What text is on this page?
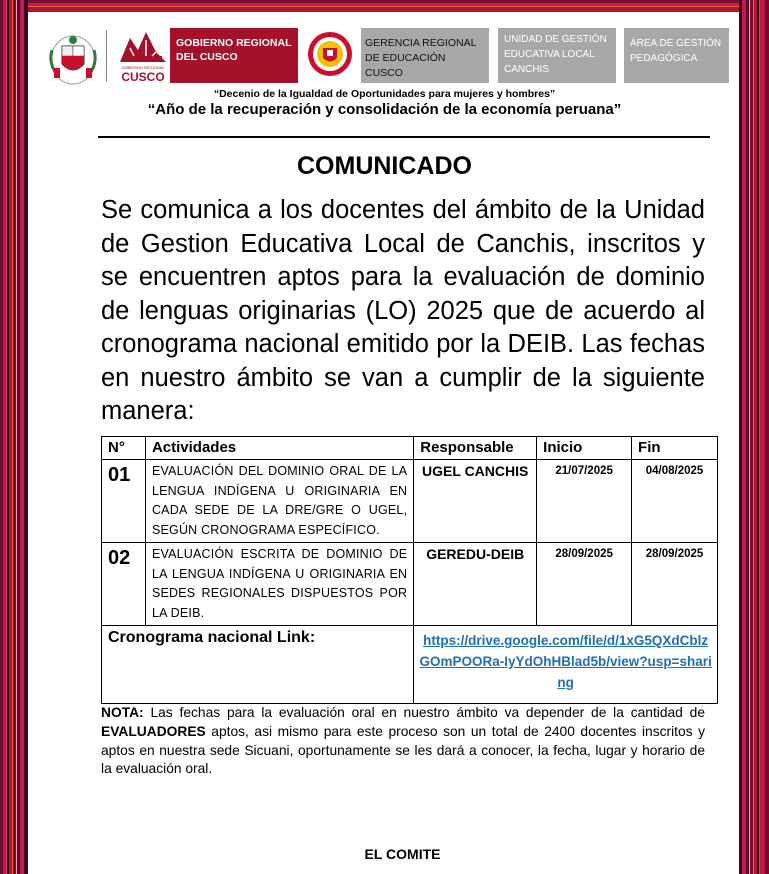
GOBIERNO REGIONAL
CUSCO
GOBIERNO REGIONAL DEL CUSCO
GERENCIA REGIONAL DE EDUCACIÓN CUSCO
UNIDAD DE GESTIÓN EDUCATIVA LOCAL CANCHIS
ÁREA DE GESTIÓN PEDAGÓGICA
“Decenio de la Igualdad de Oportunidades para mujeres y hombres”
“Año de la recuperación y consolidación de la economía peruana”
COMUNICADO
Se comunica a los docentes del ámbito de la Unidad de Gestion Educativa Local de Canchis, inscritos y se encuentren aptos para la evaluación de dominio de lenguas originarias (LO) 2025 que de acuerdo al cronograma nacional emitido por la DEIB. Las fechas en nuestro ámbito se van a cumplir de la siguiente manera:
N°	Actividades	Responsable	Inicio	Fin
01	EVALUACIÓN DEL DOMINIO ORAL DE LA LENGUA INDÍGENA U ORIGINARIA EN CADA SEDE DE LA DRE/GRE O UGEL, SEGÚN CRONOGRAMA ESPECÍFICO.	UGEL CANCHIS	21/07/2025	04/08/2025
02	EVALUACIÓN ESCRITA DE DOMINIO DE LA LENGUA INDÍGENA U ORIGINARIA EN SEDES REGIONALES DISPUESTOS POR LA DEIB.	GEREDU-DEIB	28/09/2025	28/09/2025
Cronograma nacional Link:		https://drive.google.com/file/d/1xG5QXdCblzGOmPOORa-IyYdOhHBlad5b/view?usp=sharing		
NOTA: Las fechas para la evaluación oral en nuestro ámbito va depender de la cantidad de EVALUADORES aptos, asi mismo para este proceso son un total de 2400 docentes inscritos y aptos en nuestra sede Sicuani, oportunamente se les dará a conocer, la fecha, lugar y horario de la evaluación oral.
EL COMITE
